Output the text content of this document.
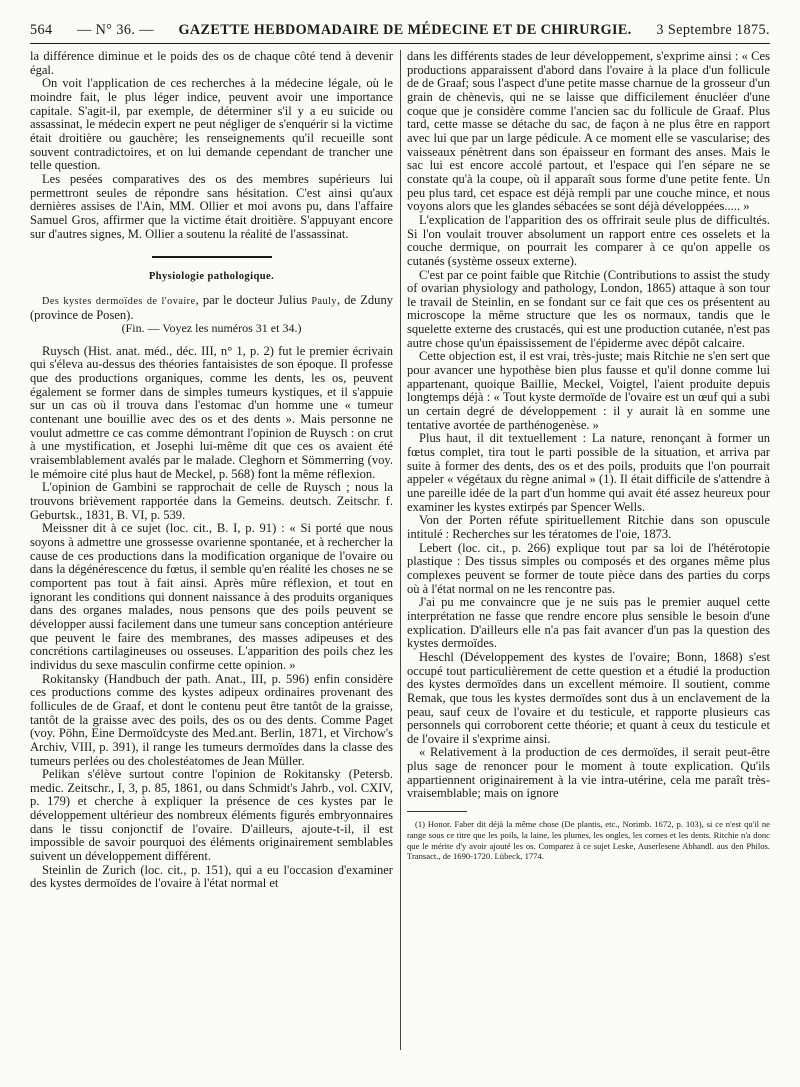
564 — N° 36. — GAZETTE HEBDOMADAIRE DE MÉDECINE ET DE CHIRURGIE. 3 Septembre 1875.

la différence diminue et le poids des os de chaque côté tend à devenir égal.

On voit l'application de ces recherches à la médecine légale, où le moindre fait, le plus léger indice, peuvent avoir une importance capitale. S'agit-il, par exemple, de déterminer s'il y a eu suicide ou assassinat, le médecin expert ne peut négliger de s'enquérir si la victime était droitière ou gauchère; les renseignements qu'il recueille sont souvent contradictoires, et on lui demande cependant de trancher une telle question.

Les pesées comparatives des os des membres supérieurs lui permettront seules de répondre sans hésitation. C'est ainsi qu'aux dernières assises de l'Ain, MM. Ollier et moi avons pu, dans l'affaire Samuel Gros, affirmer que la victime était droitière. S'appuyant encore sur d'autres signes, M. Ollier a soutenu la réalité de l'assassinat.

Physiologie pathologique.

Des kystes dermoïdes de l'ovaire, par le docteur Julius Pauly, de Zduny (province de Posen).

(Fin. — Voyez les numéros 31 et 34.)

Ruysch (Hist. anat. méd., déc. III, n° 1, p. 2) fut le premier écrivain qui s'éleva au-dessus des théories fantaisistes de son époque. Il professe que des productions organiques, comme les dents, les os, peuvent également se former dans de simples tumeurs kystiques, et il s'appuie sur un cas où il trouva dans l'estomac d'un homme une « tumeur contenant une bouillie avec des os et des dents ». Mais personne ne voulut admettre ce cas comme démontrant l'opinion de Ruysch : on crut à une mystification, et Josephi lui-même dit que ces os avaient été vraisemblablement avalés par le malade. Cleghorn et Sömmerring (voy. le mémoire cité plus haut de Meckel, p. 568) font la même réflexion.

L'opinion de Gambini se rapprochait de celle de Ruysch ; nous la trouvons brièvement rapportée dans la Gemeins. deutsch. Zeitschr. f. Geburtsk., 1831, B. VI, p. 539.

Meissner dit à ce sujet (loc. cit., B. I, p. 91) : « Si porté que nous soyons à admettre une grossesse ovarienne spontanée, et à rechercher la cause de ces productions dans la modification organique de l'ovaire ou dans la dégénérescence du fœtus, il semble qu'en réalité les choses ne se comportent pas tout à fait ainsi. Après mûre réflexion, et tout en ignorant les conditions qui donnent naissance à des produits organiques dans des organes malades, nous pensons que des poils peuvent se développer aussi facilement dans une tumeur sans conception antérieure que peuvent le faire des membranes, des masses adipeuses et des concrétions cartilagineuses ou osseuses. L'apparition des poils chez les individus du sexe masculin confirme cette opinion. »

Rokitansky (Handbuch der path. Anat., III, p. 596) enfin considère ces productions comme des kystes adipeux ordinaires provenant des follicules de de Graaf, et dont le contenu peut être tantôt de la graisse, tantôt de la graisse avec des poils, des os ou des dents. Comme Paget (voy. Pöhn, Eine Dermoïdcyste des Med.ant. Berlin, 1871, et Virchow's Archiv, VIII, p. 391), il range les tumeurs dermoïdes dans la classe des tumeurs perlées ou des cholestéatomes de Jean Müller.

Pelikan s'élève surtout contre l'opinion de Rokitansky (Petersb. medic. Zeitschr., I, 3, p. 85, 1861, ou dans Schmidt's Jahrb., vol. CXIV, p. 179) et cherche à expliquer la présence de ces kystes par le développement ultérieur des nombreux éléments figurés embryonnaires dans le tissu conjonctif de l'ovaire. D'ailleurs, ajoute-t-il, il est impossible de savoir pourquoi des éléments originairement semblables suivent un développement différent.

Steinlin de Zurich (loc. cit., p. 151), qui a eu l'occasion d'examiner des kystes dermoïdes de l'ovaire à l'état normal et

dans les différents stades de leur développement, s'exprime ainsi : « Ces productions apparaissent d'abord dans l'ovaire à la place d'un follicule de de Graaf; sous l'aspect d'une petite masse charnue de la grosseur d'un grain de chènevis, qui ne se laisse que difficilement énucléer d'une coque que je considère comme l'ancien sac du follicule de Graaf. Plus tard, cette masse se détache du sac, de façon à ne plus être en rapport avec lui que par un large pédicule. A ce moment elle se vascularise; des vaisseaux pénètrent dans son épaisseur en formant des anses. Mais le sac lui est encore accolé partout, et l'espace qui l'en sépare ne se constate qu'à la coupe, où il apparaît sous forme d'une petite fente. Un peu plus tard, cet espace est déjà rempli par une couche mince, et nous voyons alors que les glandes sébacées se sont déjà développées..... »

L'explication de l'apparition des os offrirait seule plus de difficultés. Si l'on voulait trouver absolument un rapport entre ces osselets et la couche dermique, on pourrait les comparer à ce qu'on appelle os cutanés (système osseux externe).

C'est par ce point faible que Ritchie (Contributions to assist the study of ovarian physiology and pathology, London, 1865) attaque à son tour le travail de Steinlin, en se fondant sur ce fait que ces os présentent au microscope la même structure que les os normaux, tandis que le squelette externe des crustacés, qui est une production cutanée, n'est pas autre chose qu'un épaississement de l'épiderme avec dépôt calcaire.

Cette objection est, il est vrai, très-juste; mais Ritchie ne s'en sert que pour avancer une hypothèse bien plus fausse et qu'il donne comme lui appartenant, quoique Baillie, Meckel, Voigtel, l'aient produite depuis longtemps déjà : « Tout kyste dermoïde de l'ovaire est un œuf qui a subi un certain degré de développement : il y aurait là en somme une tentative avortée de parthénogenèse. »

Plus haut, il dit textuellement : La nature, renonçant à former un fœtus complet, tira tout le parti possible de la situation, et arriva par suite à former des dents, des os et des poils, produits que l'on pourrait appeler « végétaux du règne animal » (1). Il était difficile de s'attendre à une pareille idée de la part d'un homme qui avait été assez heureux pour examiner les kystes extirpés par Spencer Wells.

Von der Porten réfute spirituellement Ritchie dans son opuscule intitulé : Recherches sur les tératomes de l'oie, 1873.

Lebert (loc. cit., p. 266) explique tout par sa loi de l'hétérotopie plastique : Des tissus simples ou composés et des organes même plus complexes peuvent se former de toute pièce dans des parties du corps où à l'état normal on ne les rencontre pas.

J'ai pu me convaincre que je ne suis pas le premier auquel cette interprétation ne fasse que rendre encore plus sensible le besoin d'une explication. D'ailleurs elle n'a pas fait avancer d'un pas la question des kystes dermoïdes.

Heschl (Développement des kystes de l'ovaire; Bonn, 1868) s'est occupé tout particulièrement de cette question et a étudié la production des kystes dermoïdes dans un excellent mémoire. Il soutient, comme Remak, que tous les kystes dermoïdes sont dus à un enclavement de la peau, sauf ceux de l'ovaire et du testicule, et rapporte plusieurs cas personnels qui corroborent cette théorie; et quant à ceux du testicule et de l'ovaire il s'exprime ainsi.

« Relativement à la production de ces dermoïdes, il serait peut-être plus sage de renoncer pour le moment à toute explication. Qu'ils appartiennent originairement à la vie intra-utérine, cela me paraît très-vraisemblable; mais on ignore

(1) Honor. Faber dit déjà la même chose (De plantis, etc., Norimb. 1672, p. 103), si ce n'est qu'il ne range sous ce titre que les poils, la laine, les plumes, les ongles, les cornes et les dents. Ritchie n'a donc que le mérite d'y avoir ajouté les os. Comparez à ce sujet Leske, Auserlesene Abhandl. aus den Philos. Transact., de 1690-1720. Lübeck, 1774.
